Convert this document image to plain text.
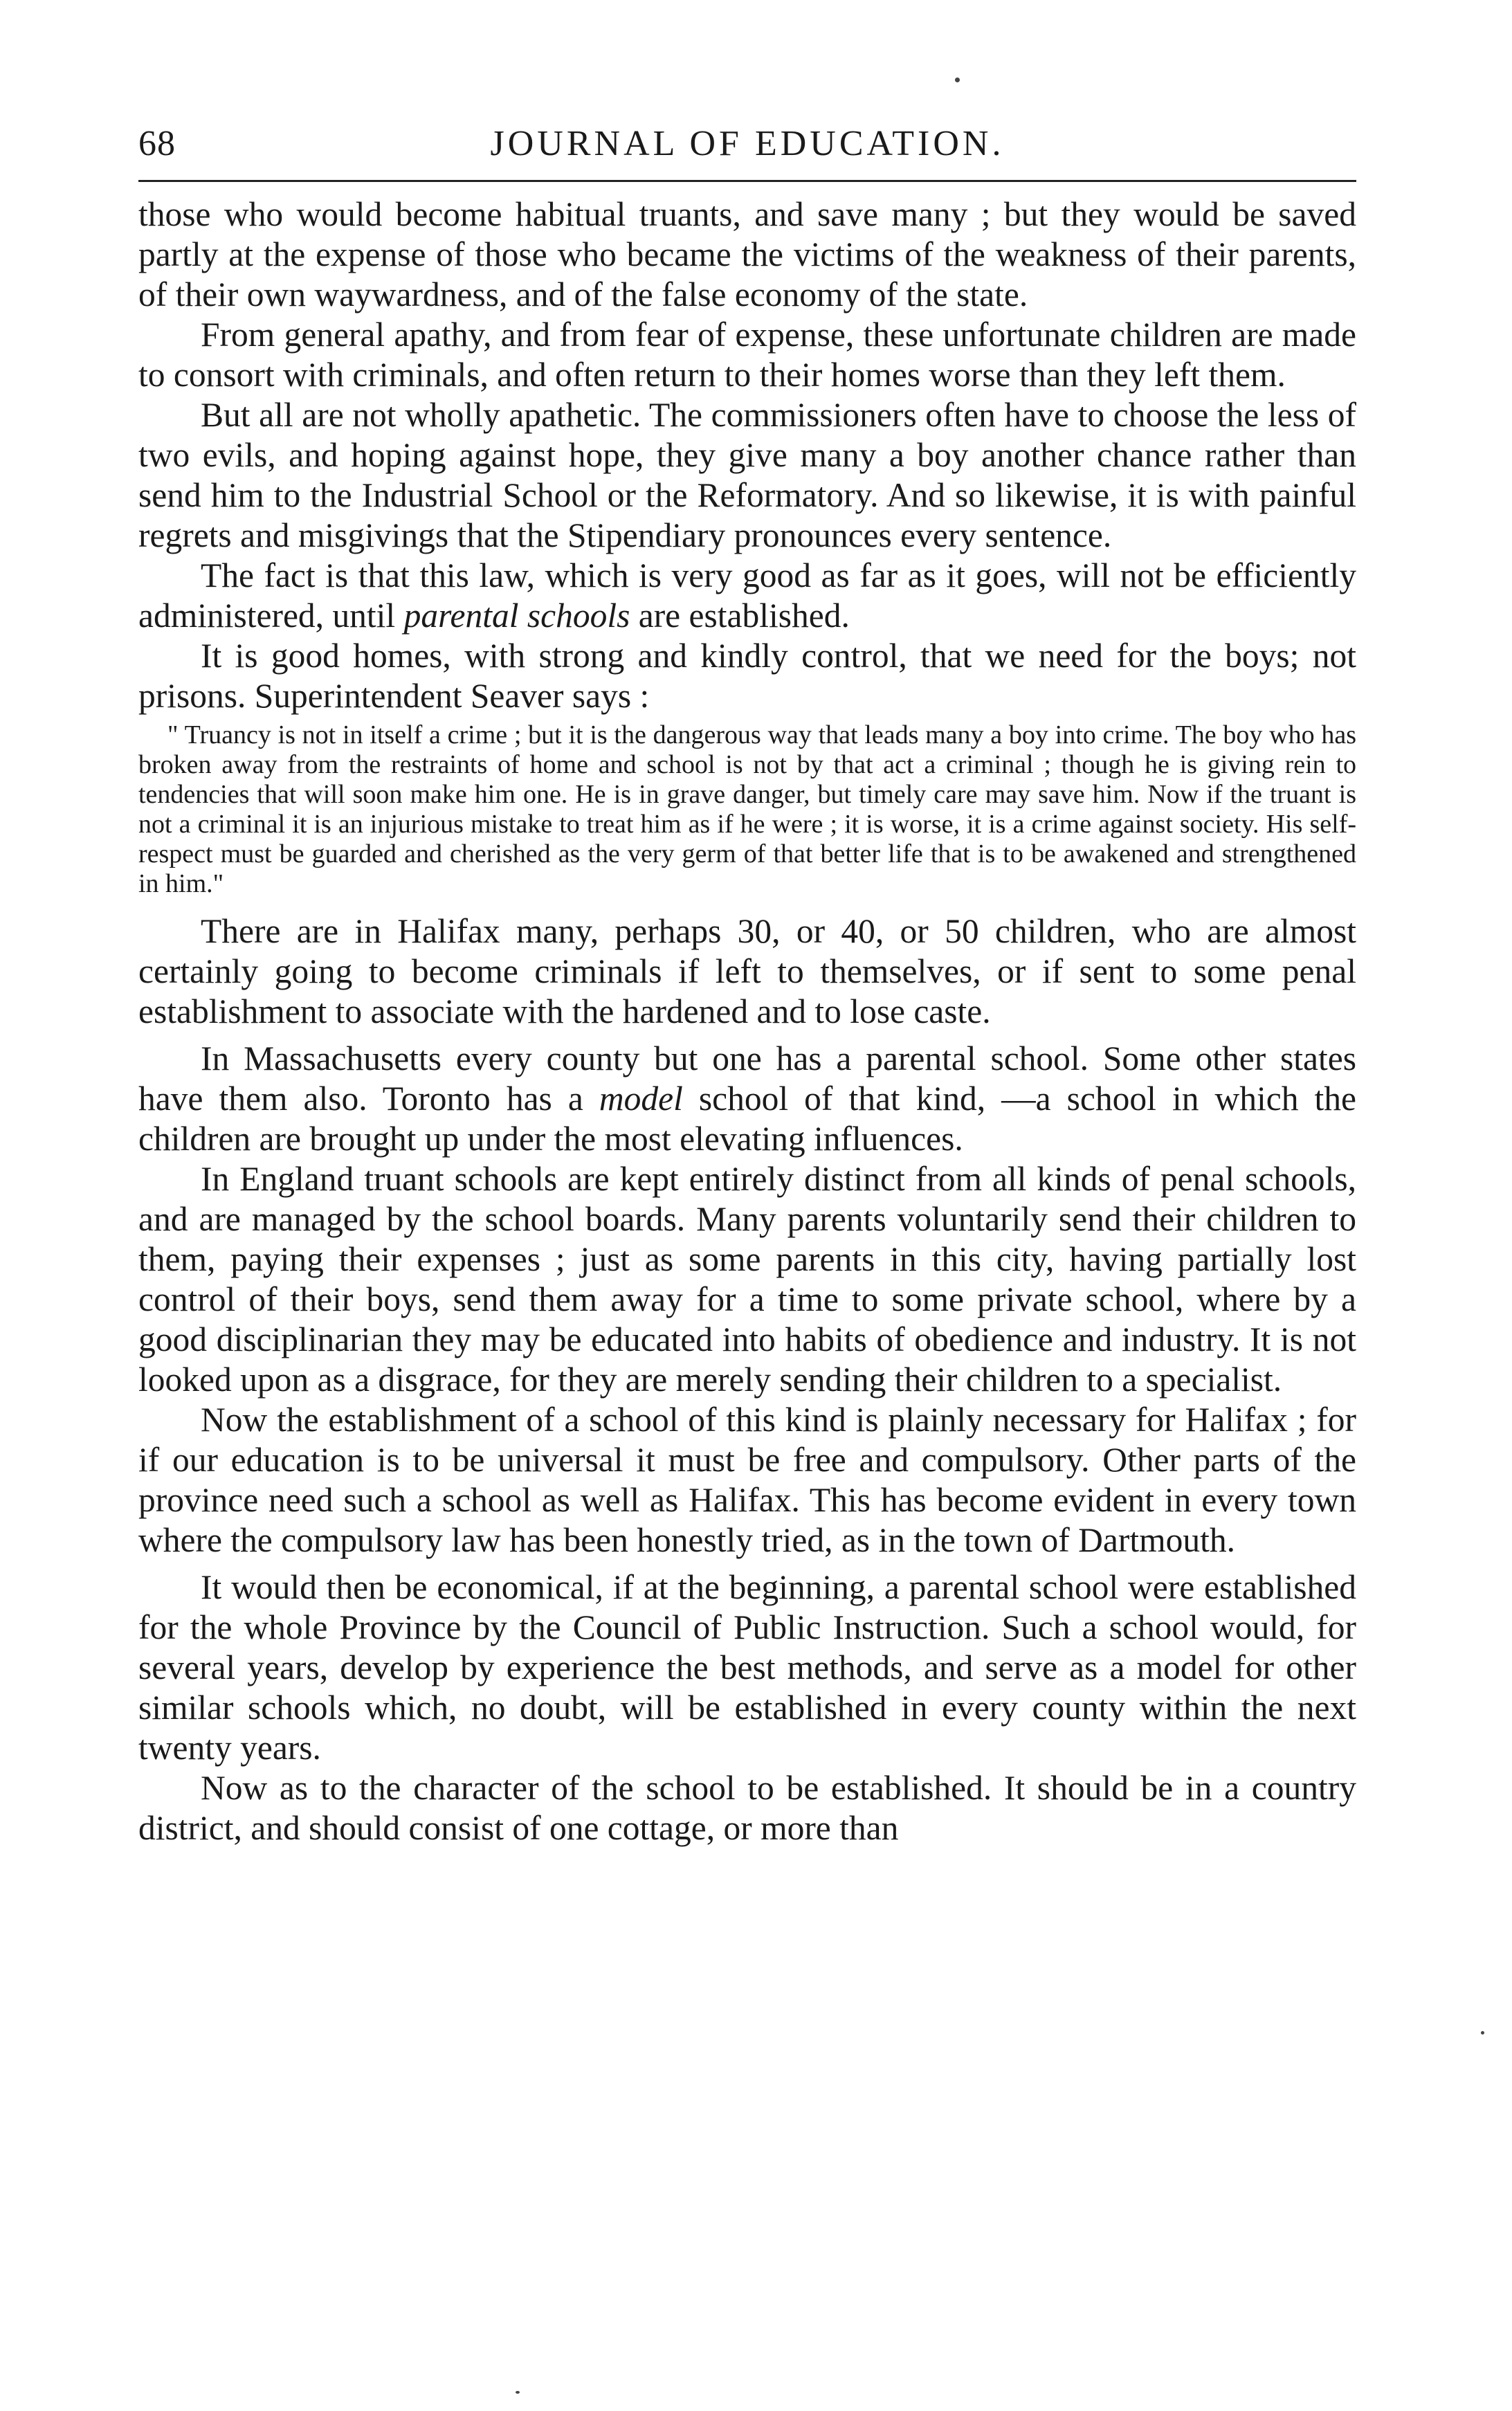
68	JOURNAL OF EDUCATION.

those who would become habitual truants, and save many ; but they would be saved partly at the expense of those who became the victims of the weakness of their parents, of their own waywardness, and of the false economy of the state.

From general apathy, and from fear of expense, these unfortunate children are made to consort with criminals, and often return to their homes worse than they left them.

But all are not wholly apathetic. The commissioners often have to choose the less of two evils, and hoping against hope, they give many a boy another chance rather than send him to the Industrial School or the Reformatory. And so likewise, it is with painful regrets and misgivings that the Stipendiary pronounces every sentence.

The fact is that this law, which is very good as far as it goes, will not be efficiently administered, until parental schools are established.

It is good homes, with strong and kindly control, that we need for the boys; not prisons. Superintendent Seaver says :

" Truancy is not in itself a crime ; but it is the dangerous way that leads many a boy into crime. The boy who has broken away from the restraints of home and school is not by that act a criminal ; though he is giving rein to tendencies that will soon make him one. He is in grave danger, but timely care may save him. Now if the truant is not a criminal it is an injurious mistake to treat him as if he were ; it is worse, it is a crime against society. His self-respect must be guarded and cherished as the very germ of that better life that is to be awakened and strengthened in him."

There are in Halifax many, perhaps 30, or 40, or 50 children, who are almost certainly going to become criminals if left to themselves, or if sent to some penal establishment to associate with the hardened and to lose caste.

In Massachusetts every county but one has a parental school. Some other states have them also. Toronto has a model school of that kind, —a school in which the children are brought up under the most elevating influences.

In England truant schools are kept entirely distinct from all kinds of penal schools, and are managed by the school boards. Many parents voluntarily send their children to them, paying their expenses ; just as some parents in this city, having partially lost control of their boys, send them away for a time to some private school, where by a good disciplinarian they may be educated into habits of obedience and industry. It is not looked upon as a disgrace, for they are merely sending their children to a specialist.

Now the establishment of a school of this kind is plainly necessary for Halifax ; for if our education is to be universal it must be free and compulsory. Other parts of the province need such a school as well as Halifax. This has become evident in every town where the compulsory law has been honestly tried, as in the town of Dartmouth.

It would then be economical, if at the beginning, a parental school were established for the whole Province by the Council of Public Instruction. Such a school would, for several years, develop by experience the best methods, and serve as a model for other similar schools which, no doubt, will be established in every county within the next twenty years.

Now as to the character of the school to be established. It should be in a country district, and should consist of one cottage, or more than
